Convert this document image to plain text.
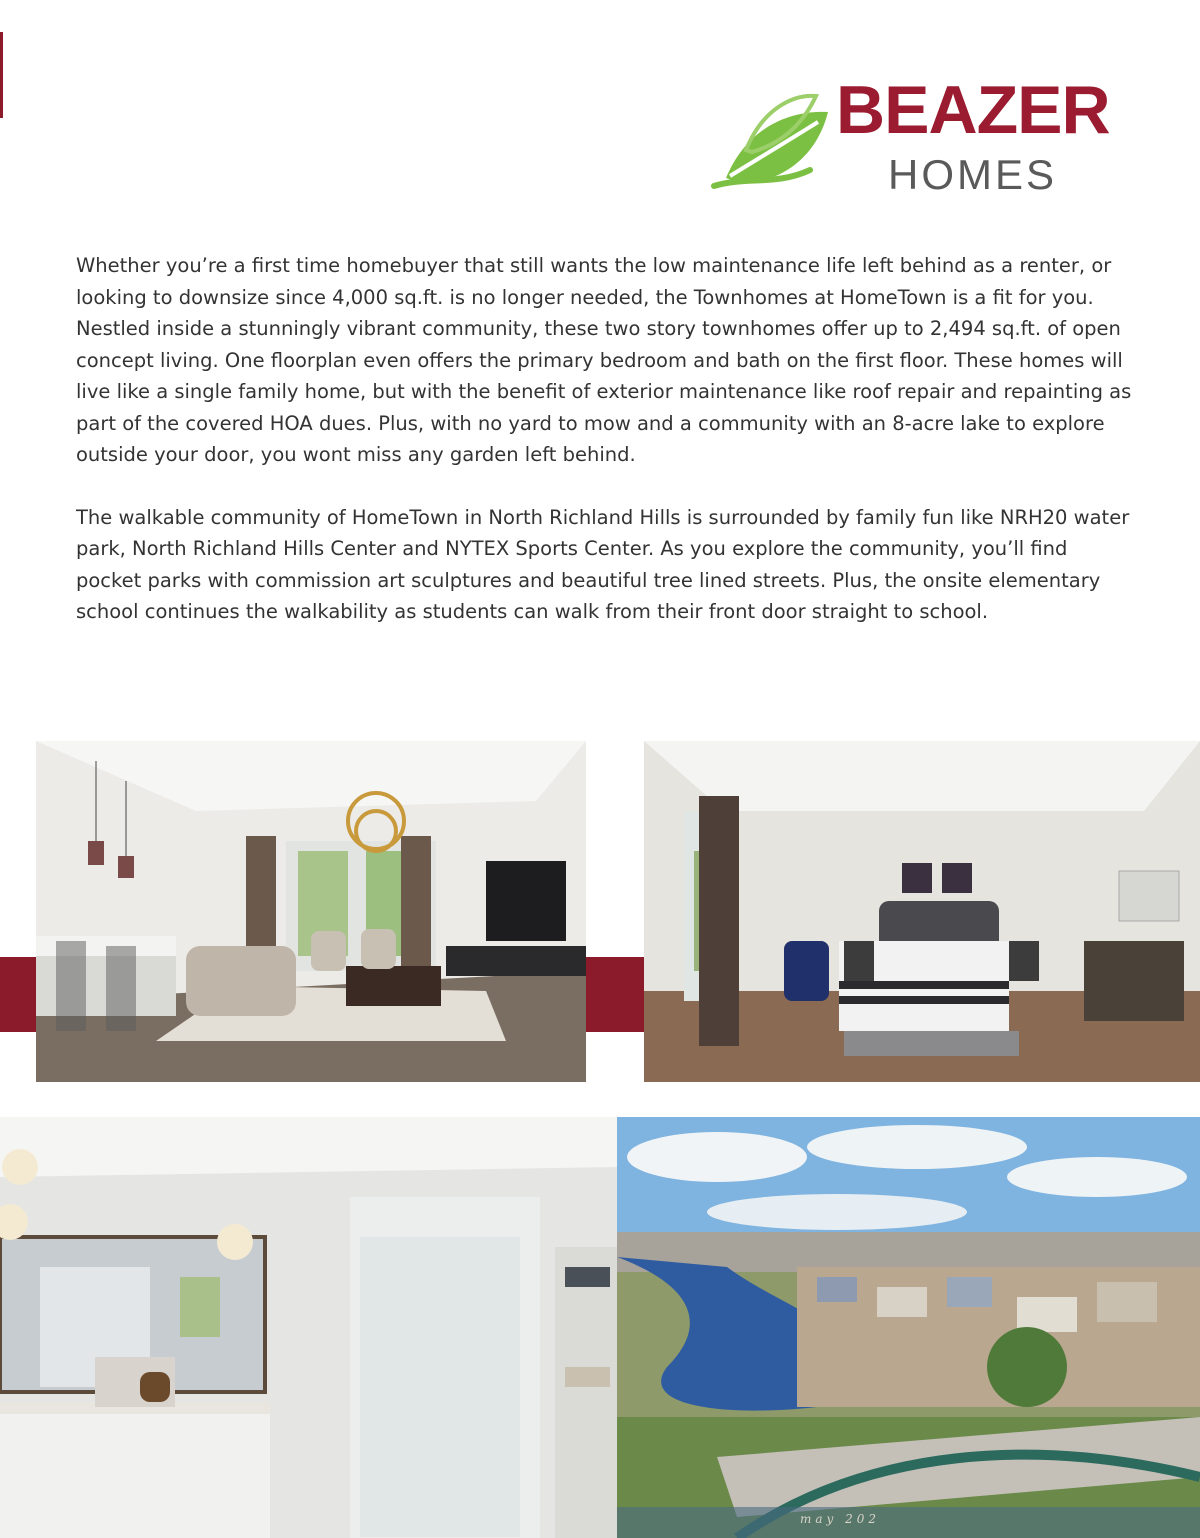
BEAZER
HOMES

Whether you’re a first time homebuyer that still wants the low maintenance life left behind as a renter, or looking to downsize since 4,000 sq.ft. is no longer needed, the Townhomes at HomeTown is a fit for you. Nestled inside a stunningly vibrant community, these two story townhomes offer up to 2,494 sq.ft. of open concept living. One floorplan even offers the primary bedroom and bath on the first floor. These homes will live like a single family home, but with the benefit of exterior maintenance like roof repair and repainting as part of the covered HOA dues. Plus, with no yard to mow and a community with an 8-acre lake to explore outside your door, you wont miss any garden left behind.

The walkable community of HomeTown in North Richland Hills is surrounded by family fun like NRH20 water park, North Richland Hills Center and NYTEX Sports Center. As you explore the community, you’ll find pocket parks with commission art sculptures and beautiful tree lined streets. Plus, the onsite elementary school continues the walkability as students can walk from their front door straight to school.

may 202
